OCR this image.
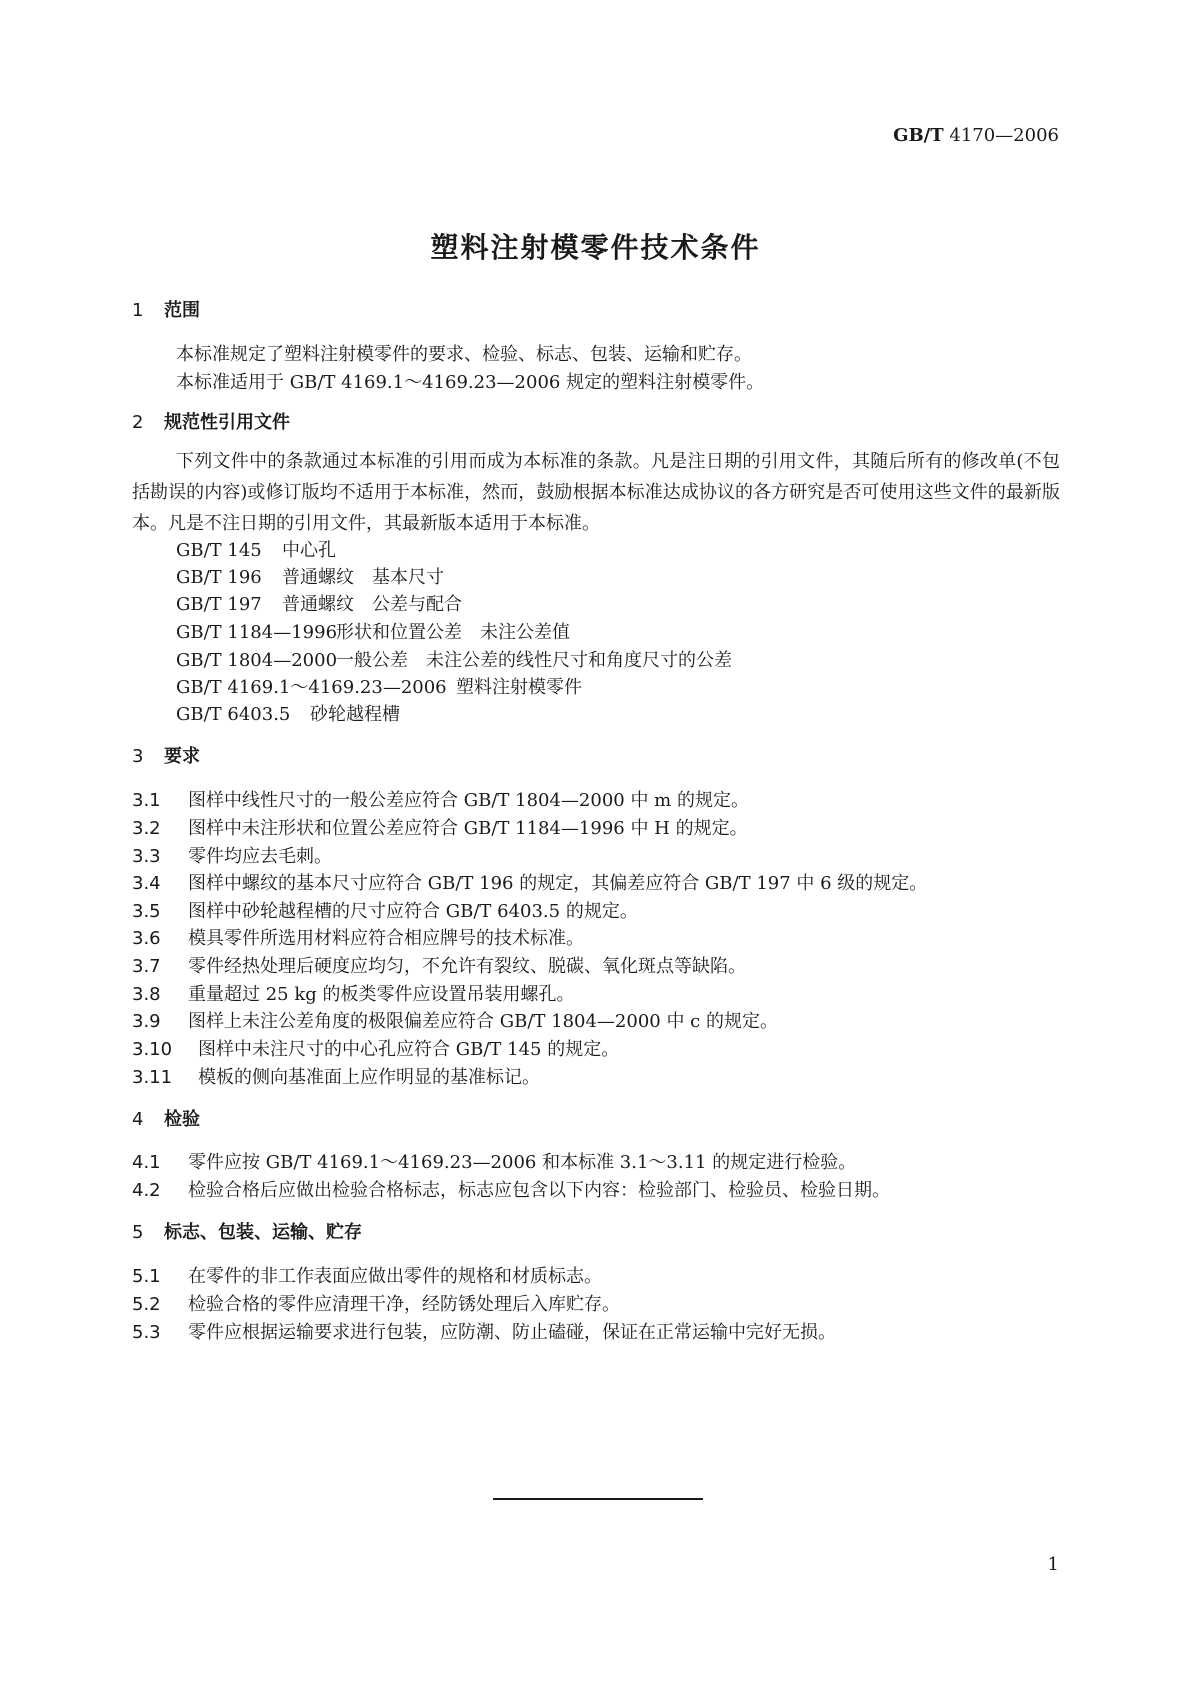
GB/T 4170—2006
塑料注射模零件技术条件
1 范围
本标准规定了塑料注射模零件的要求、检验、标志、包装、运输和贮存。
本标准适用于 GB/T 4169.1～4169.23—2006 规定的塑料注射模零件。
2 规范性引用文件
下列文件中的条款通过本标准的引用而成为本标准的条款。凡是注日期的引用文件，其随后所有的修改单(不包括勘误的内容)或修订版均不适用于本标准，然而，鼓励根据本标准达成协议的各方研究是否可使用这些文件的最新版本。凡是不注日期的引用文件，其最新版本适用于本标准。
GB/T 145 中心孔
GB/T 196 普通螺纹　基本尺寸
GB/T 197 普通螺纹　公差与配合
GB/T 1184—1996形状和位置公差　未注公差值
GB/T 1804—2000一般公差　未注公差的线性尺寸和角度尺寸的公差
GB/T 4169.1～4169.23—2006 塑料注射模零件
GB/T 6403.5 砂轮越程槽
3 要求
3.1 图样中线性尺寸的一般公差应符合 GB/T 1804—2000 中 m 的规定。
3.2 图样中未注形状和位置公差应符合 GB/T 1184—1996 中 H 的规定。
3.3 零件均应去毛刺。
3.4 图样中螺纹的基本尺寸应符合 GB/T 196 的规定，其偏差应符合 GB/T 197 中 6 级的规定。
3.5 图样中砂轮越程槽的尺寸应符合 GB/T 6403.5 的规定。
3.6 模具零件所选用材料应符合相应牌号的技术标准。
3.7 零件经热处理后硬度应均匀，不允许有裂纹、脱碳、氧化斑点等缺陷。
3.8 重量超过 25 kg 的板类零件应设置吊装用螺孔。
3.9 图样上未注公差角度的极限偏差应符合 GB/T 1804—2000 中 c 的规定。
3.10 图样中未注尺寸的中心孔应符合 GB/T 145 的规定。
3.11 模板的侧向基准面上应作明显的基准标记。
4 检验
4.1 零件应按 GB/T 4169.1～4169.23—2006 和本标准 3.1～3.11 的规定进行检验。
4.2 检验合格后应做出检验合格标志，标志应包含以下内容：检验部门、检验员、检验日期。
5 标志、包装、运输、贮存
5.1 在零件的非工作表面应做出零件的规格和材质标志。
5.2 检验合格的零件应清理干净，经防锈处理后入库贮存。
5.3 零件应根据运输要求进行包装，应防潮、防止磕碰，保证在正常运输中完好无损。
1
